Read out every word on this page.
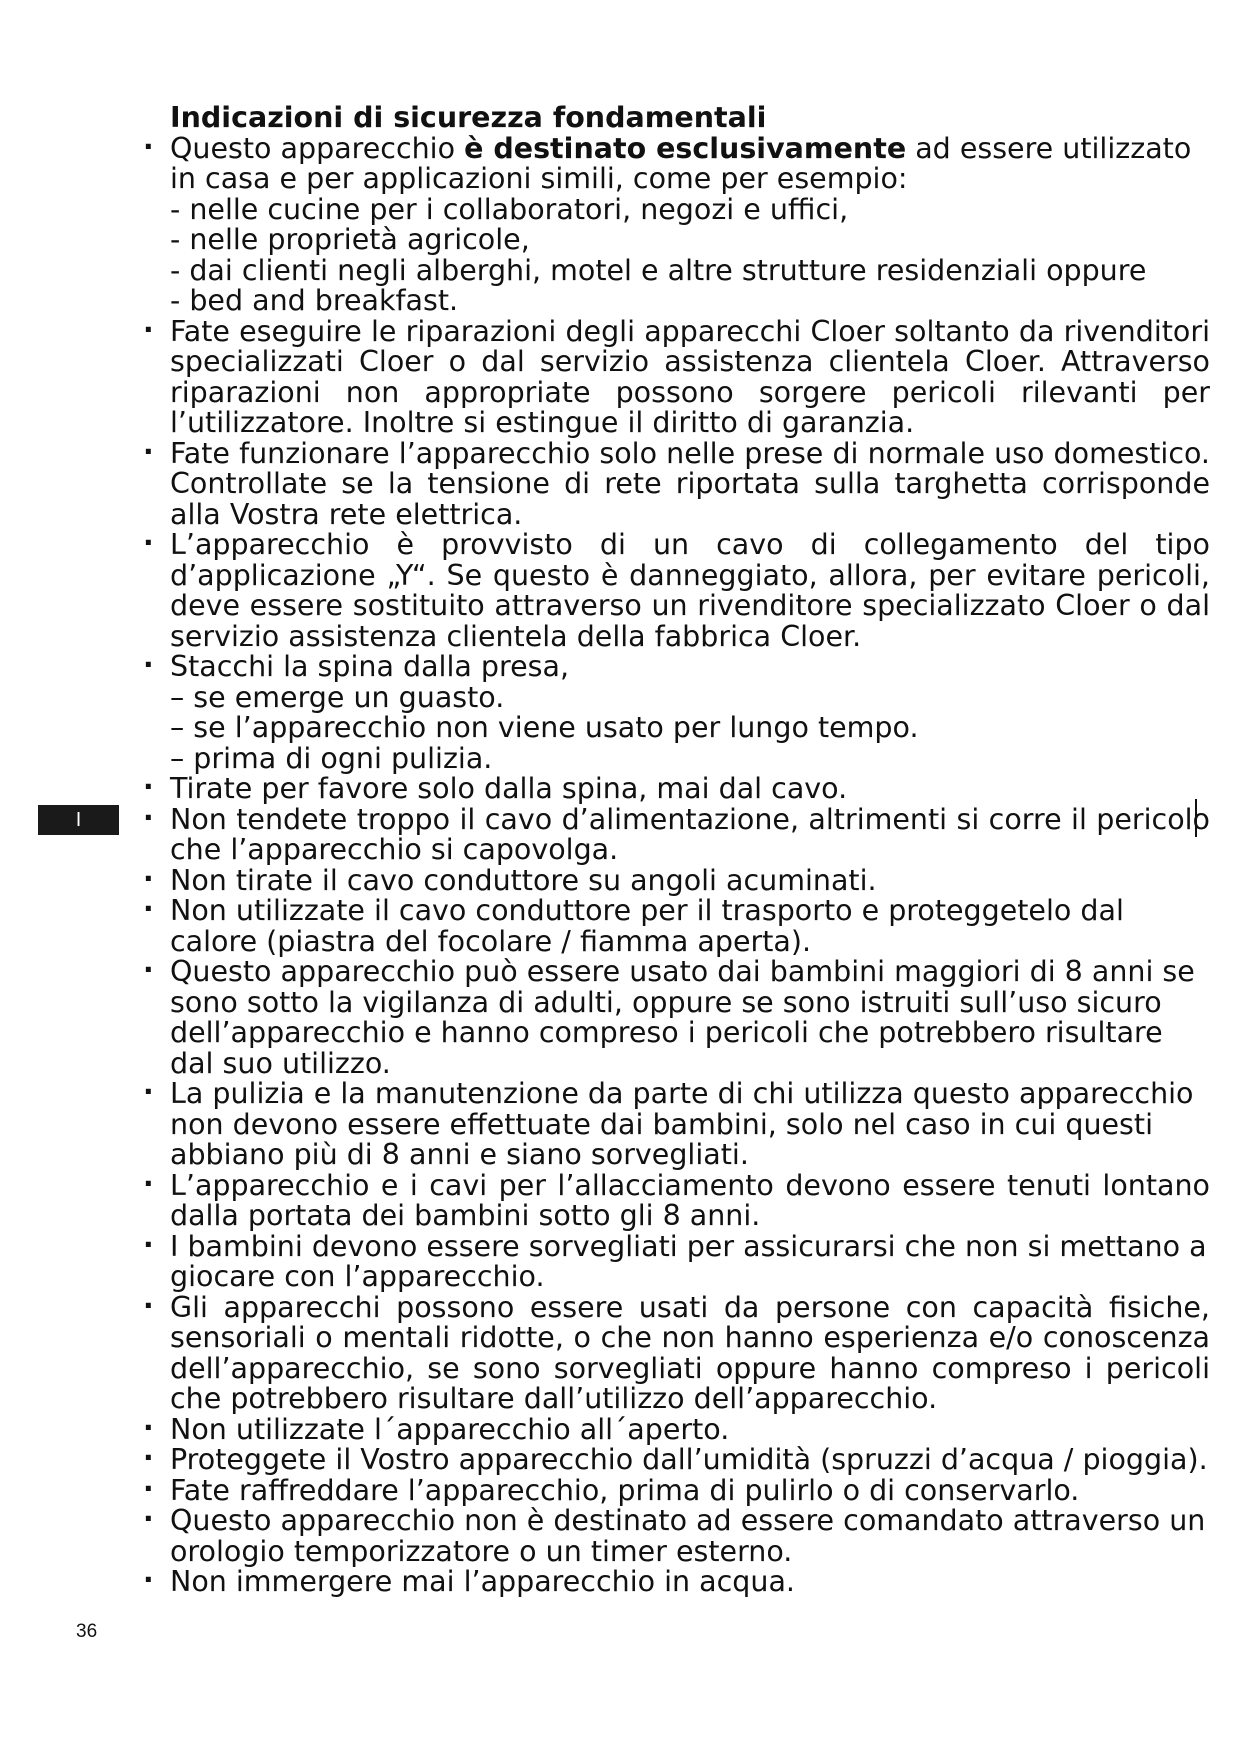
I

Indicazioni di sicurezza fondamentali

· Questo apparecchio è destinato esclusivamente ad essere utilizzato in casa e per applicazioni simili, come per esempio:
- nelle cucine per i collaboratori, negozi e uffici,
- nelle proprietà agricole,
- dai clienti negli alberghi, motel e altre strutture residenziali oppure
- bed and breakfast.
· Fate eseguire le riparazioni degli apparecchi Cloer soltanto da rivenditori specializzati Cloer o dal servizio assistenza clientela Cloer. Attraverso riparazioni non appropriate possono sorgere pericoli rilevanti per l’utilizzatore. Inoltre si estingue il diritto di garanzia.
· Fate funzionare l’apparecchio solo nelle prese di normale uso domestico. Controllate se la tensione di rete riportata sulla targhetta corrisponde alla Vostra rete elettrica.
· L’apparecchio è provvisto di un cavo di collegamento del tipo d’applicazione „Y“. Se questo è danneggiato, allora, per evitare pericoli, deve essere sostituito attraverso un rivenditore specializzato Cloer o dal servizio assistenza clientela della fabbrica Cloer.
· Stacchi la spina dalla presa,
– se emerge un guasto.
– se l’apparecchio non viene usato per lungo tempo.
– prima di ogni pulizia.
· Tirate per favore solo dalla spina, mai dal cavo.
· Non tendete troppo il cavo d’alimentazione, altrimenti si corre il pericolo che l’apparecchio si capovolga.
· Non tirate il cavo conduttore su angoli acuminati.
· Non utilizzate il cavo conduttore per il trasporto e proteggetelo dal calore (piastra del focolare / fiamma aperta).
· Questo apparecchio può essere usato dai bambini maggiori di 8 anni se sono sotto la vigilanza di adulti, oppure se sono istruiti sull’uso sicuro dell’apparecchio e hanno compreso i pericoli che potrebbero risultare dal suo utilizzo.
· La pulizia e la manutenzione da parte di chi utilizza questo apparecchio non devono essere effettuate dai bambini, solo nel caso in cui questi abbiano più di 8 anni e siano sorvegliati.
· L’apparecchio e i cavi per l’allacciamento devono essere tenuti lontano dalla portata dei bambini sotto gli 8 anni.
· I bambini devono essere sorvegliati per assicurarsi che non si mettano a giocare con l’apparecchio.
· Gli apparecchi possono essere usati da persone con capacità fisiche, sensoriali o mentali ridotte, o che non hanno esperienza e/o conoscenza dell’apparecchio, se sono sorvegliati oppure hanno compreso i pericoli che potrebbero risultare dall’utilizzo dell’apparecchio.
· Non utilizzate l´apparecchio all´aperto.
· Proteggete il Vostro apparecchio dall’umidità (spruzzi d’acqua / pioggia).
· Fate raffreddare l’apparecchio, prima di pulirlo o di conservarlo.
· Questo apparecchio non è destinato ad essere comandato attraverso un orologio temporizzatore o un timer esterno.
· Non immergere mai l’apparecchio in acqua.
36
